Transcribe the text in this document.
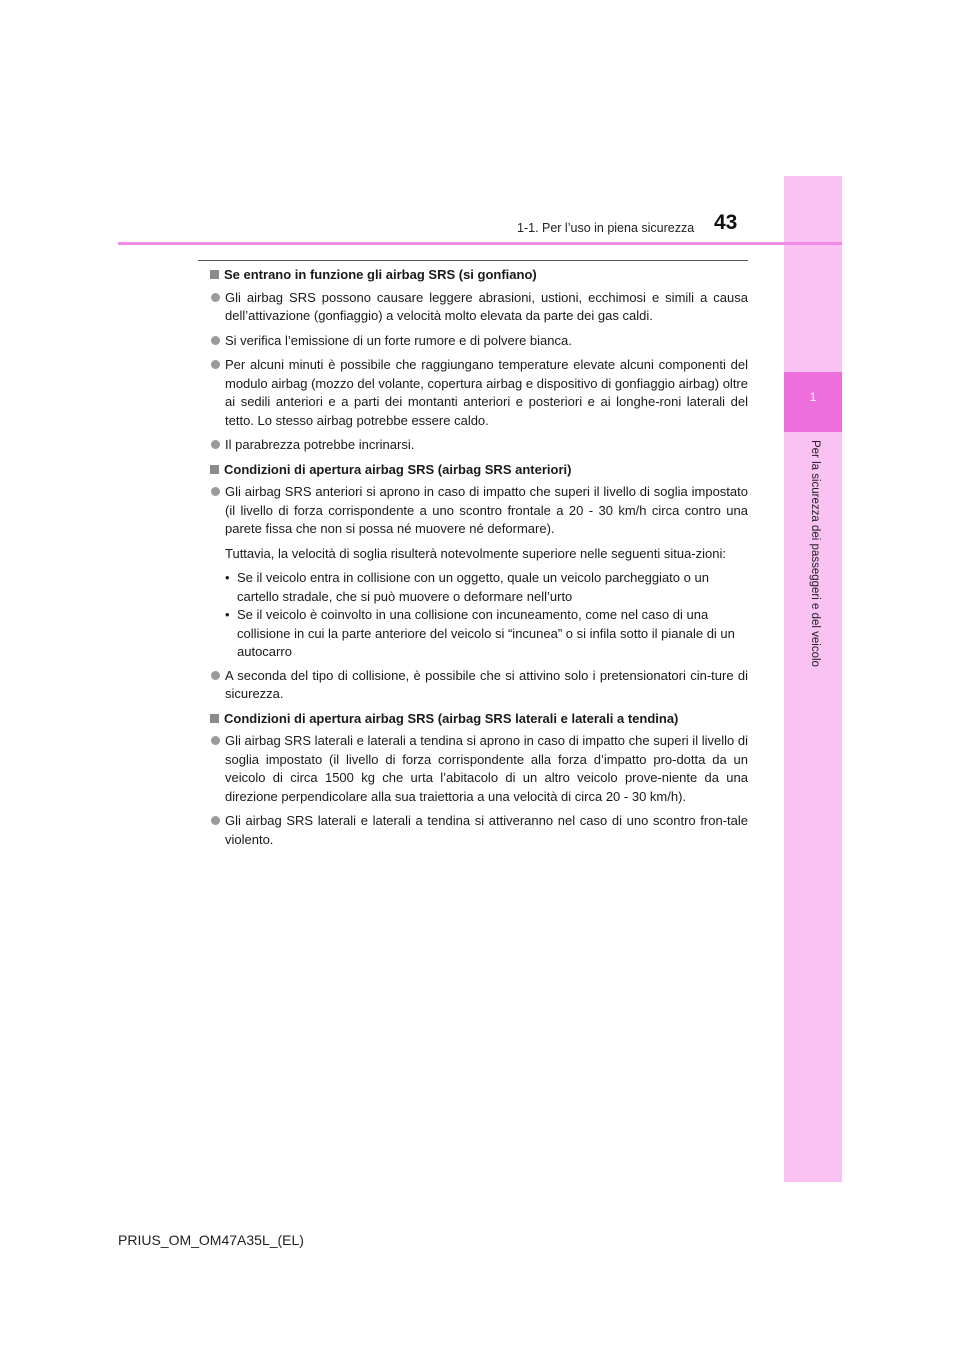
1
Per la sicurezza dei passeggeri e del veicolo
1-1. Per l’uso in piena sicurezza 43
Se entrano in funzione gli airbag SRS (si gonfiano)
Gli airbag SRS possono causare leggere abrasioni, ustioni, ecchimosi e simili a causa dell’attivazione (gonfiaggio) a velocità molto elevata da parte dei gas caldi.
Si verifica l’emissione di un forte rumore e di polvere bianca.
Per alcuni minuti è possibile che raggiungano temperature elevate alcuni componenti del modulo airbag (mozzo del volante, copertura airbag e dispositivo di gonfiaggio airbag) oltre ai sedili anteriori e a parti dei montanti anteriori e posteriori e ai longhe-roni laterali del tetto. Lo stesso airbag potrebbe essere caldo.
Il parabrezza potrebbe incrinarsi.
Condizioni di apertura airbag SRS (airbag SRS anteriori)
Gli airbag SRS anteriori si aprono in caso di impatto che superi il livello di soglia impostato (il livello di forza corrispondente a uno scontro frontale a 20 - 30 km/h circa contro una parete fissa che non si possa né muovere né deformare).
Tuttavia, la velocità di soglia risulterà notevolmente superiore nelle seguenti situa-zioni:
• Se il veicolo entra in collisione con un oggetto, quale un veicolo parcheggiato o un cartello stradale, che si può muovere o deformare nell’urto
• Se il veicolo è coinvolto in una collisione con incuneamento, come nel caso di una collisione in cui la parte anteriore del veicolo si “incunea” o si infila sotto il pianale di un autocarro
A seconda del tipo di collisione, è possibile che si attivino solo i pretensionatori cin-ture di sicurezza.
Condizioni di apertura airbag SRS (airbag SRS laterali e laterali a tendina)
Gli airbag SRS laterali e laterali a tendina si aprono in caso di impatto che superi il livello di soglia impostato (il livello di forza corrispondente alla forza d’impatto pro-dotta da un veicolo di circa 1500 kg che urta l’abitacolo di un altro veicolo prove-niente da una direzione perpendicolare alla sua traiettoria a una velocità di circa 20 - 30 km/h).
Gli airbag SRS laterali e laterali a tendina si attiveranno nel caso di uno scontro fron-tale violento.
PRIUS_OM_OM47A35L_(EL)
